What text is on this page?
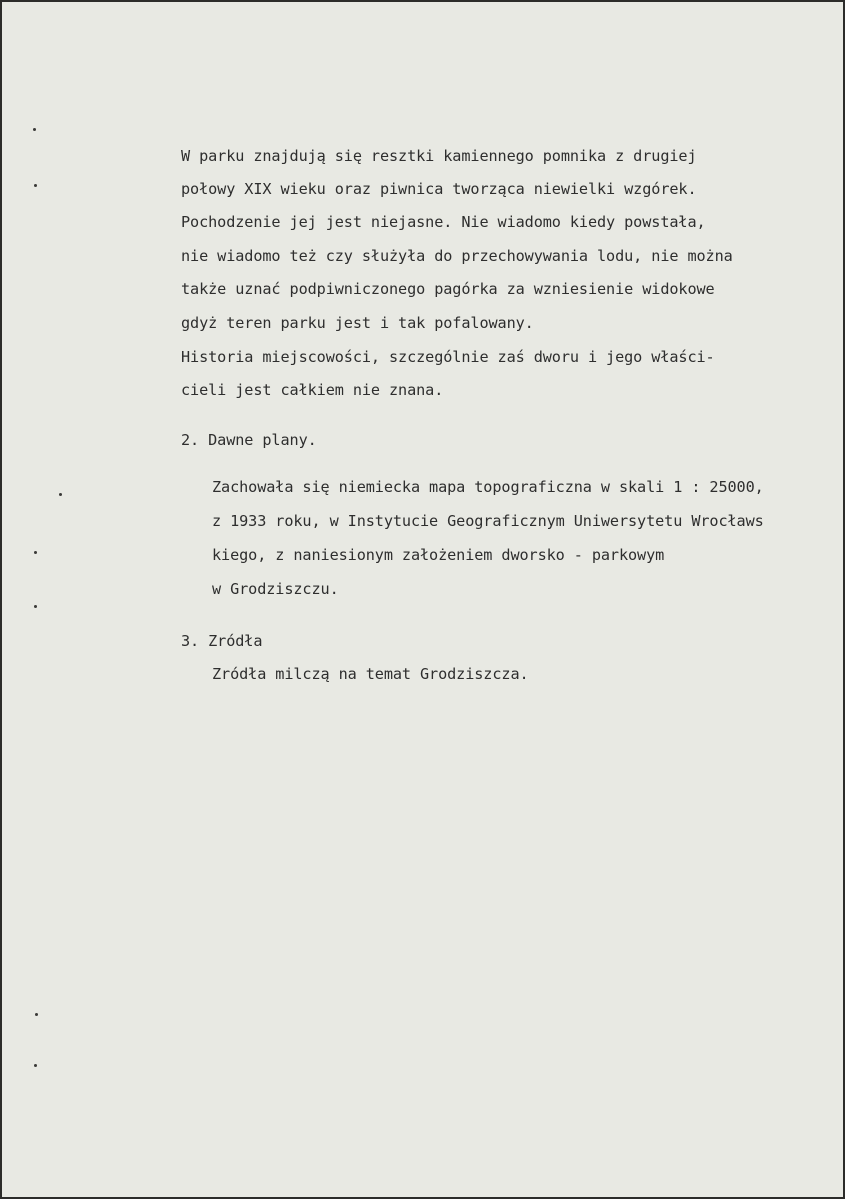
W parku znajdują się resztki kamiennego pomnika z drugiej
połowy XIX wieku oraz piwnica tworząca niewielki wzgórek.
Pochodzenie jej jest niejasne. Nie wiadomo kiedy powstała,
nie wiadomo też czy służyła do przechowywania lodu, nie można
także uznać podpiwniczonego pagórka za wzniesienie widokowe
gdyż teren parku jest i tak pofalowany.
Historia miejscowości, szczególnie zaś dworu i jego właści-
cieli jest całkiem nie znana.
2. Dawne plany.
Zachowała się niemiecka mapa topograficzna w skali 1 : 25000,
z 1933 roku, w Instytucie Geograficznym Uniwersytetu Wrocławs
kiego, z naniesionym założeniem dworsko - parkowym
w Grodziszczu.
3. Zródła
Zródła milczą na temat Grodziszcza.
